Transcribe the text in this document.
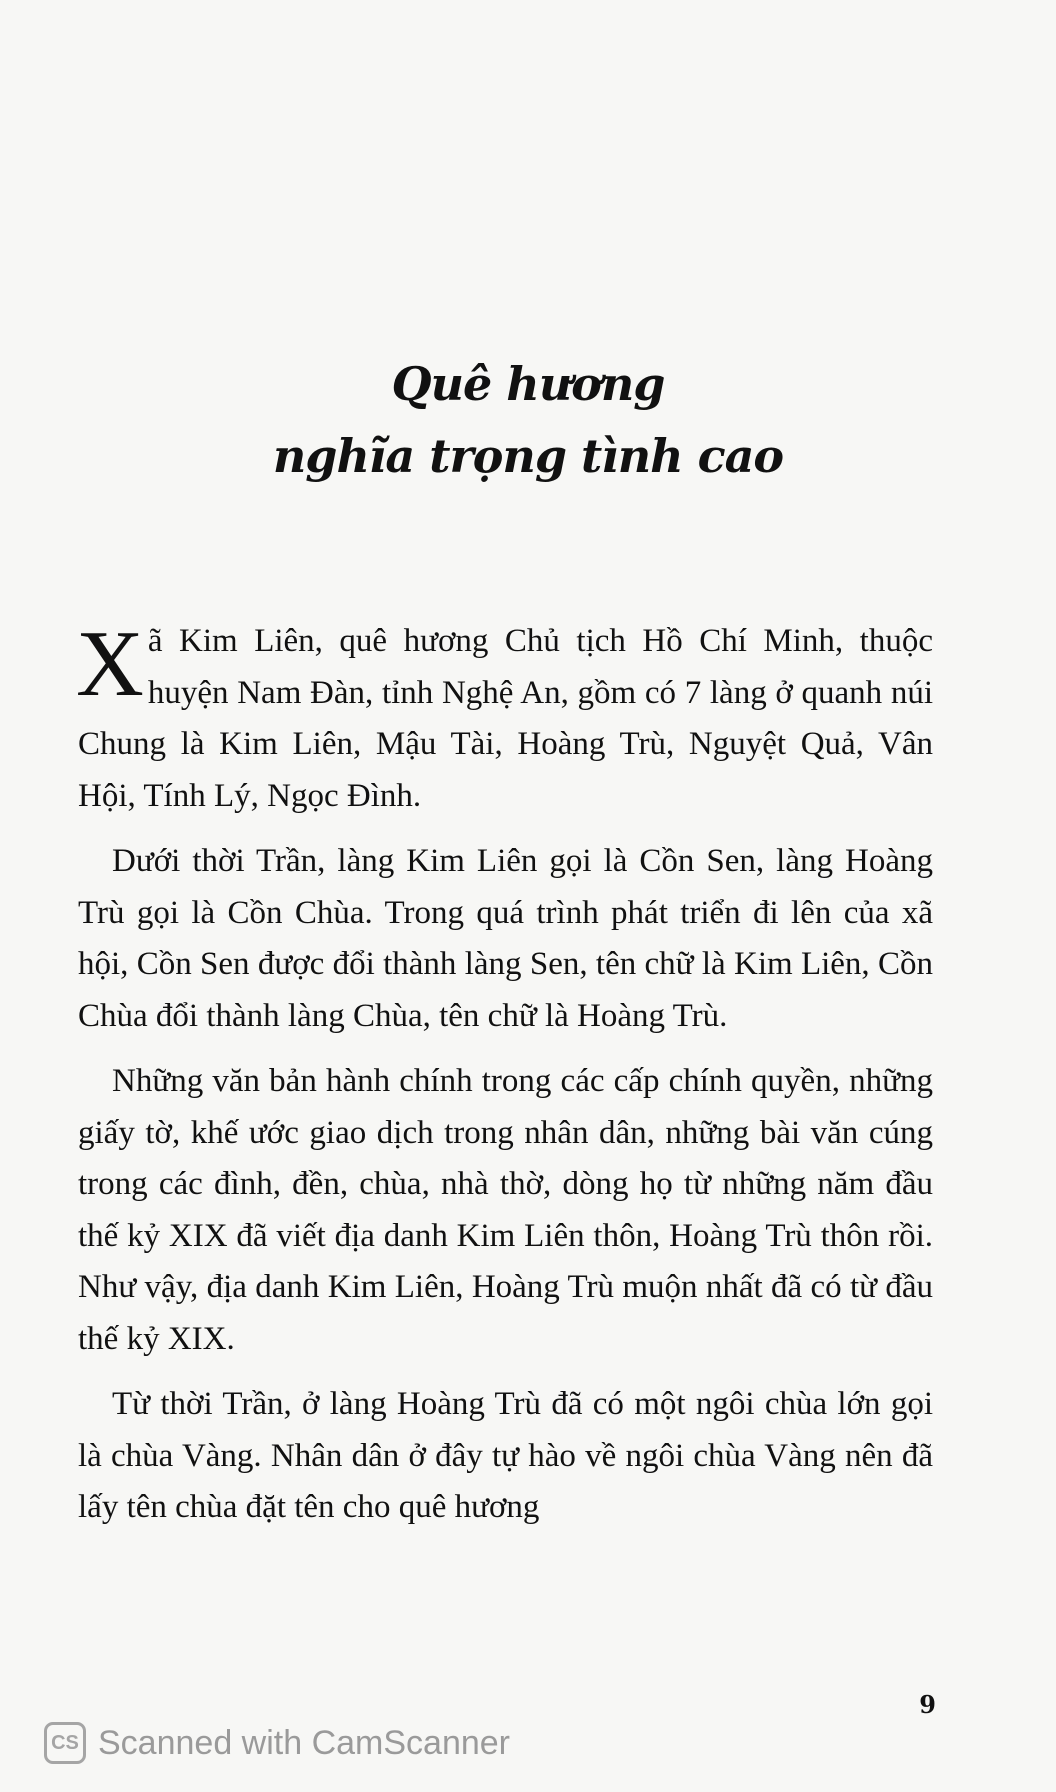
Quê hương
nghĩa trọng tình cao

Xã Kim Liên, quê hương Chủ tịch Hồ Chí Minh, thuộc huyện Nam Đàn, tỉnh Nghệ An, gồm có 7 làng ở quanh núi Chung là Kim Liên, Mậu Tài, Hoàng Trù, Nguyệt Quả, Vân Hội, Tính Lý, Ngọc Đình.

Dưới thời Trần, làng Kim Liên gọi là Cồn Sen, làng Hoàng Trù gọi là Cồn Chùa. Trong quá trình phát triển đi lên của xã hội, Cồn Sen được đổi thành làng Sen, tên chữ là Kim Liên, Cồn Chùa đổi thành làng Chùa, tên chữ là Hoàng Trù.

Những văn bản hành chính trong các cấp chính quyền, những giấy tờ, khế ước giao dịch trong nhân dân, những bài văn cúng trong các đình, đền, chùa, nhà thờ, dòng họ từ những năm đầu thế kỷ XIX đã viết địa danh Kim Liên thôn, Hoàng Trù thôn rồi. Như vậy, địa danh Kim Liên, Hoàng Trù muộn nhất đã có từ đầu thế kỷ XIX.

Từ thời Trần, ở làng Hoàng Trù đã có một ngôi chùa lớn gọi là chùa Vàng. Nhân dân ở đây tự hào về ngôi chùa Vàng nên đã lấy tên chùa đặt tên cho quê hương

9
CS Scanned with CamScanner
